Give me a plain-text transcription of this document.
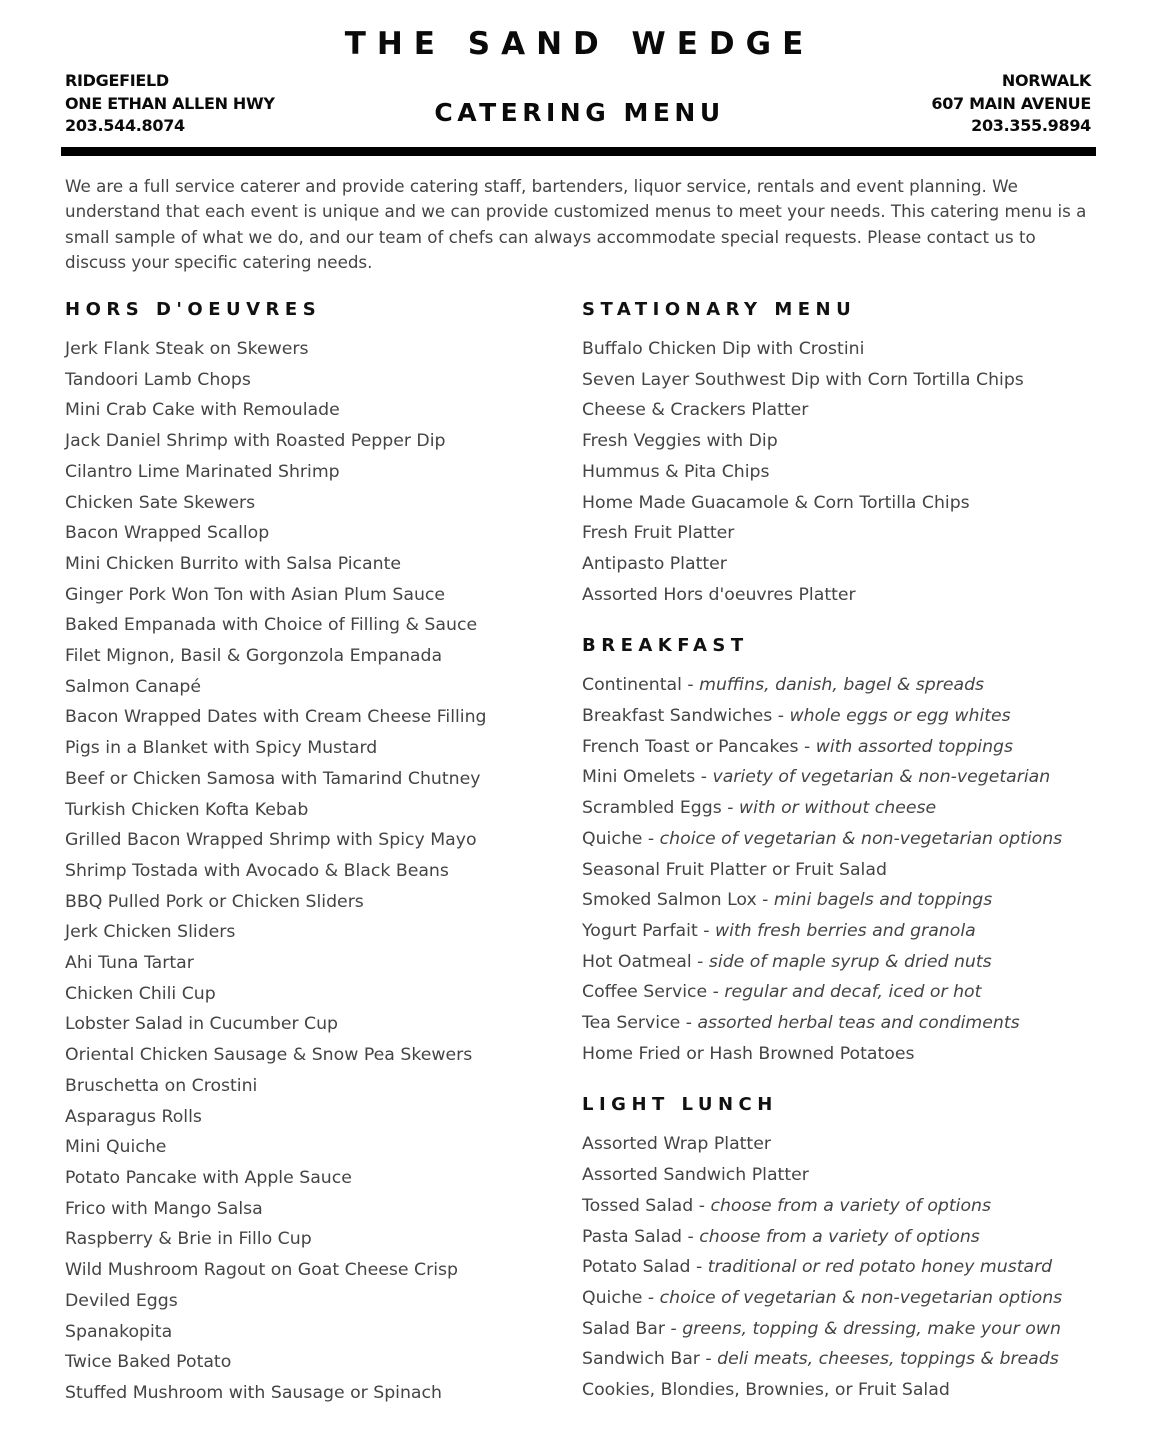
THE SAND WEDGE
RIDGEFIELD
ONE ETHAN ALLEN HWY
203.544.8074	CATERING MENU
NORWALK
607 MAIN AVENUE
203.355.9894

We are a full service caterer and provide catering staff, bartenders, liquor service, rentals and event planning. We understand that each event is unique and we can provide customized menus to meet your needs. This catering menu is a small sample of what we do, and our team of chefs can always accommodate special requests. Please contact us to discuss your specific catering needs.

HORS D'OEUVRES
Jerk Flank Steak on Skewers
Tandoori Lamb Chops
Mini Crab Cake with Remoulade
Jack Daniel Shrimp with Roasted Pepper Dip
Cilantro Lime Marinated Shrimp
Chicken Sate Skewers
Bacon Wrapped Scallop
Mini Chicken Burrito with Salsa Picante
Ginger Pork Won Ton with Asian Plum Sauce
Baked Empanada with Choice of Filling & Sauce
Filet Mignon, Basil & Gorgonzola Empanada
Salmon Canapé
Bacon Wrapped Dates with Cream Cheese Filling
Pigs in a Blanket with Spicy Mustard
Beef or Chicken Samosa with Tamarind Chutney
Turkish Chicken Kofta Kebab
Grilled Bacon Wrapped Shrimp with Spicy Mayo
Shrimp Tostada with Avocado & Black Beans
BBQ Pulled Pork or Chicken Sliders
Jerk Chicken Sliders
Ahi Tuna Tartar
Chicken Chili Cup
Lobster Salad in Cucumber Cup
Oriental Chicken Sausage & Snow Pea Skewers
Bruschetta on Crostini
Asparagus Rolls
Mini Quiche
Potato Pancake with Apple Sauce
Frico with Mango Salsa
Raspberry & Brie in Fillo Cup
Wild Mushroom Ragout on Goat Cheese Crisp
Deviled Eggs
Spanakopita
Twice Baked Potato
Stuffed Mushroom with Sausage or Spinach
STATIONARY MENU
Buffalo Chicken Dip with Crostini
Seven Layer Southwest Dip with Corn Tortilla Chips
Cheese & Crackers Platter
Fresh Veggies with Dip
Hummus & Pita Chips
Home Made Guacamole & Corn Tortilla Chips
Fresh Fruit Platter
Antipasto Platter
Assorted Hors d'oeuvres Platter
BREAKFAST
Continental - muffins, danish, bagel & spreads
Breakfast Sandwiches - whole eggs or egg whites
French Toast or Pancakes - with assorted toppings
Mini Omelets - variety of vegetarian & non-vegetarian
Scrambled Eggs - with or without cheese
Quiche - choice of vegetarian & non-vegetarian options
Seasonal Fruit Platter or Fruit Salad
Smoked Salmon Lox - mini bagels and toppings
Yogurt Parfait - with fresh berries and granola
Hot Oatmeal - side of maple syrup & dried nuts
Coffee Service - regular and decaf, iced or hot
Tea Service - assorted herbal teas and condiments
Home Fried or Hash Browned Potatoes
LIGHT LUNCH
Assorted Wrap Platter
Assorted Sandwich Platter
Tossed Salad - choose from a variety of options
Pasta Salad - choose from a variety of options
Potato Salad - traditional or red potato honey mustard
Quiche - choice of vegetarian & non-vegetarian options
Salad Bar - greens, topping & dressing, make your own
Sandwich Bar - deli meats, cheeses, toppings & breads
Cookies, Blondies, Brownies, or Fruit Salad
